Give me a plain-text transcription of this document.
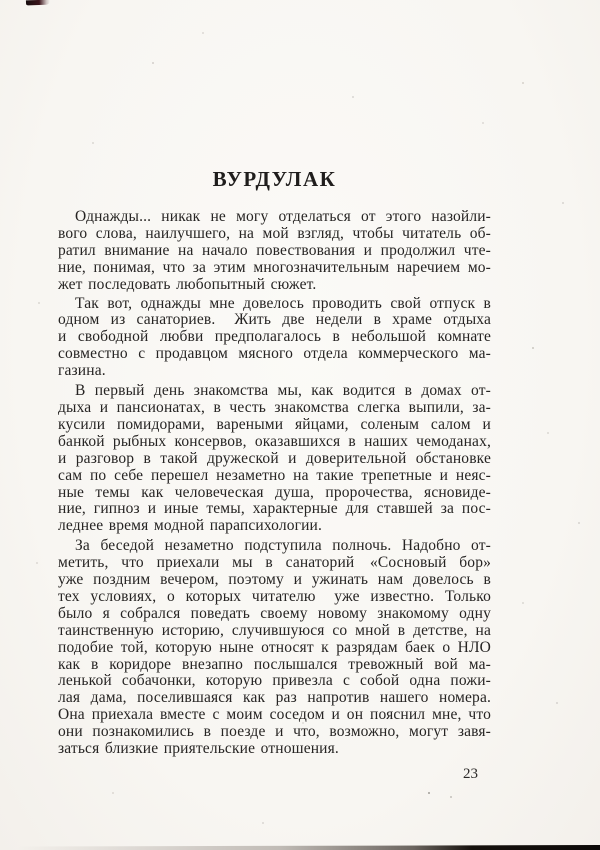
ВУРДУЛАК
Однажды... никак не могу отделаться от этого назойли-
вого слова, наилучшего, на мой взгляд, чтобы читатель об-
ратил внимание на начало повествования и продолжил чте-
ние, понимая, что за этим многозначительным наречием мо-
жет последовать любопытный сюжет.
Так вот, однажды мне довелось проводить свой отпуск в
одном из санаториев.  Жить две недели в храме отдыха
и свободной любви предполагалось в небольшой комнате
совместно с продавцом мясного отдела коммерческого ма-
газина.
В первый день знакомства мы, как водится в домах от-
дыха и пансионатах, в честь знакомства слегка выпили, за-
кусили помидорами, вареными яйцами, соленым салом и
банкой рыбных консервов, оказавшихся в наших чемоданах,
и разговор в такой дружеской и доверительной обстановке
сам по себе перешел незаметно на такие трепетные и неяс-
ные темы как человеческая душа, пророчества, ясновиде-
ние, гипноз и иные темы, характерные для ставшей за пос-
леднее время модной парапсихологии.
За беседой незаметно подступила полночь. Надобно от-
метить, что приехали мы в санаторий «Сосновый бор»
уже поздним вечером, поэтому и ужинать нам довелось в
тех условиях, о которых читателю  уже известно. Только
было я собрался поведать своему новому знакомому одну
таинственную историю, случившуюся со мной в детстве, на
подобие той, которую ныне относят к разрядам баек о НЛО
как в коридоре внезапно послышался тревожный вой ма-
ленькой собачонки, которую привезла с собой одна пожи-
лая дама, поселившаяся как раз напротив нашего номера.
Она приехала вместе с моим соседом и он пояснил мне, что
они познакомились в поезде и что, возможно, могут завя-
заться близкие приятельские отношения.
23
